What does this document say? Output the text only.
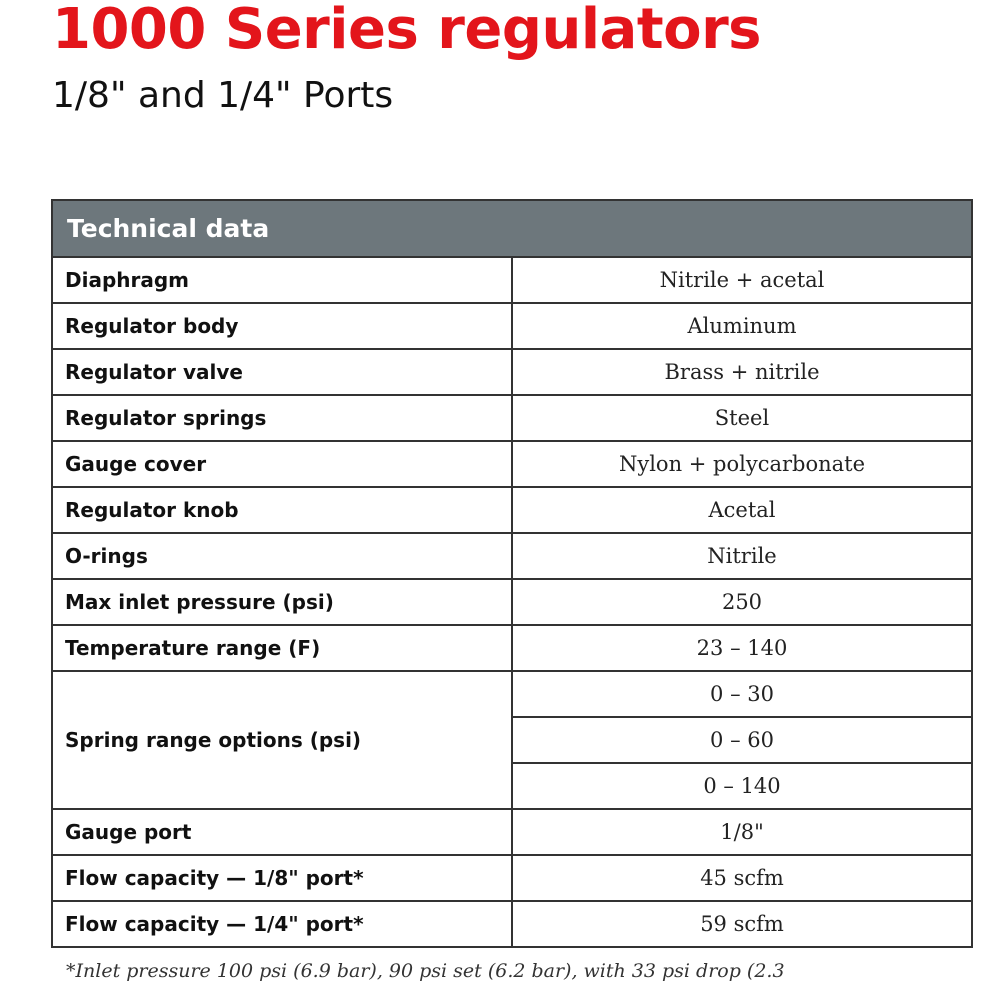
1000 Series regulators
1/8" and 1/4" Ports
Technical data	
Diaphragm	Nitrile + acetal
Regulator body	Aluminum
Regulator valve	Brass + nitrile
Regulator springs	Steel
Gauge cover	Nylon + polycarbonate
Regulator knob	Acetal
O-rings	Nitrile
Max inlet pressure (psi)	250
Temperature range (F)	23 – 140
Spring range options (psi)	0 – 30
	0 – 60
	0 – 140
Gauge port	1/8"
Flow capacity — 1/8" port*	45 scfm
Flow capacity — 1/4" port*	59 scfm

*Inlet pressure 100 psi (6.9 bar), 90 psi set (6.2 bar), with 33 psi drop (2.3
